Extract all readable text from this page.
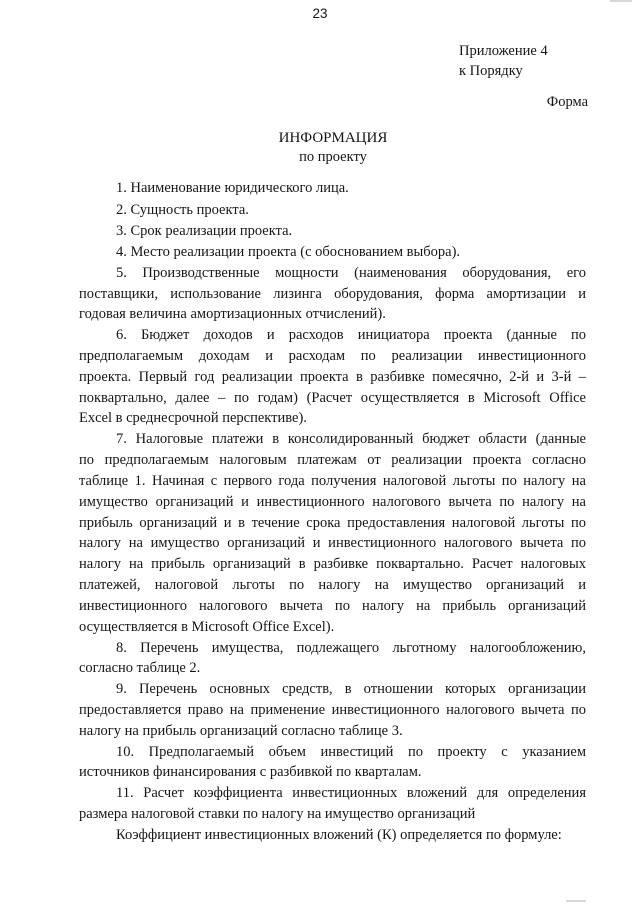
23
Приложение 4
к Порядку
Форма
ИНФОРМАЦИЯ
по проекту
1. Наименование юридического лица.
2. Сущность проекта.
3. Срок реализации проекта.
4. Место реализации проекта (с обоснованием выбора).
5. Производственные мощности (наименования оборудования, его
поставщики, использование лизинга оборудования, форма амортизации и
годовая величина амортизационных отчислений).
6. Бюджет доходов и расходов инициатора проекта (данные по
предполагаемым доходам и расходам по реализации инвестиционного
проекта. Первый год реализации проекта в разбивке помесячно, 2-й и 3-й –
поквартально, далее – по годам) (Расчет осуществляется в Microsoft Office
Excel в среднесрочной перспективе).
7. Налоговые платежи в консолидированный бюджет области (данные
по предполагаемым налоговым платежам от реализации проекта согласно
таблице 1. Начиная с первого года получения налоговой льготы по налогу на
имущество организаций и инвестиционного налогового вычета по налогу на
прибыль организаций и в течение срока предоставления налоговой льготы по
налогу на имущество организаций и инвестиционного налогового вычета по
налогу на прибыль организаций в разбивке поквартально. Расчет налоговых
платежей, налоговой льготы по налогу на имущество организаций и
инвестиционного налогового вычета по налогу на прибыль организаций
осуществляется в Microsoft Office Excel).
8. Перечень имущества, подлежащего льготному налогообложению,
согласно таблице 2.
9. Перечень основных средств, в отношении которых организации
предоставляется право на применение инвестиционного налогового вычета по
налогу на прибыль организаций согласно таблице 3.
10. Предполагаемый объем инвестиций по проекту с указанием
источников финансирования с разбивкой по кварталам.
11. Расчет коэффициента инвестиционных вложений для определения
размера налоговой ставки по налогу на имущество организаций
Коэффициент инвестиционных вложений (К) определяется по формуле:
